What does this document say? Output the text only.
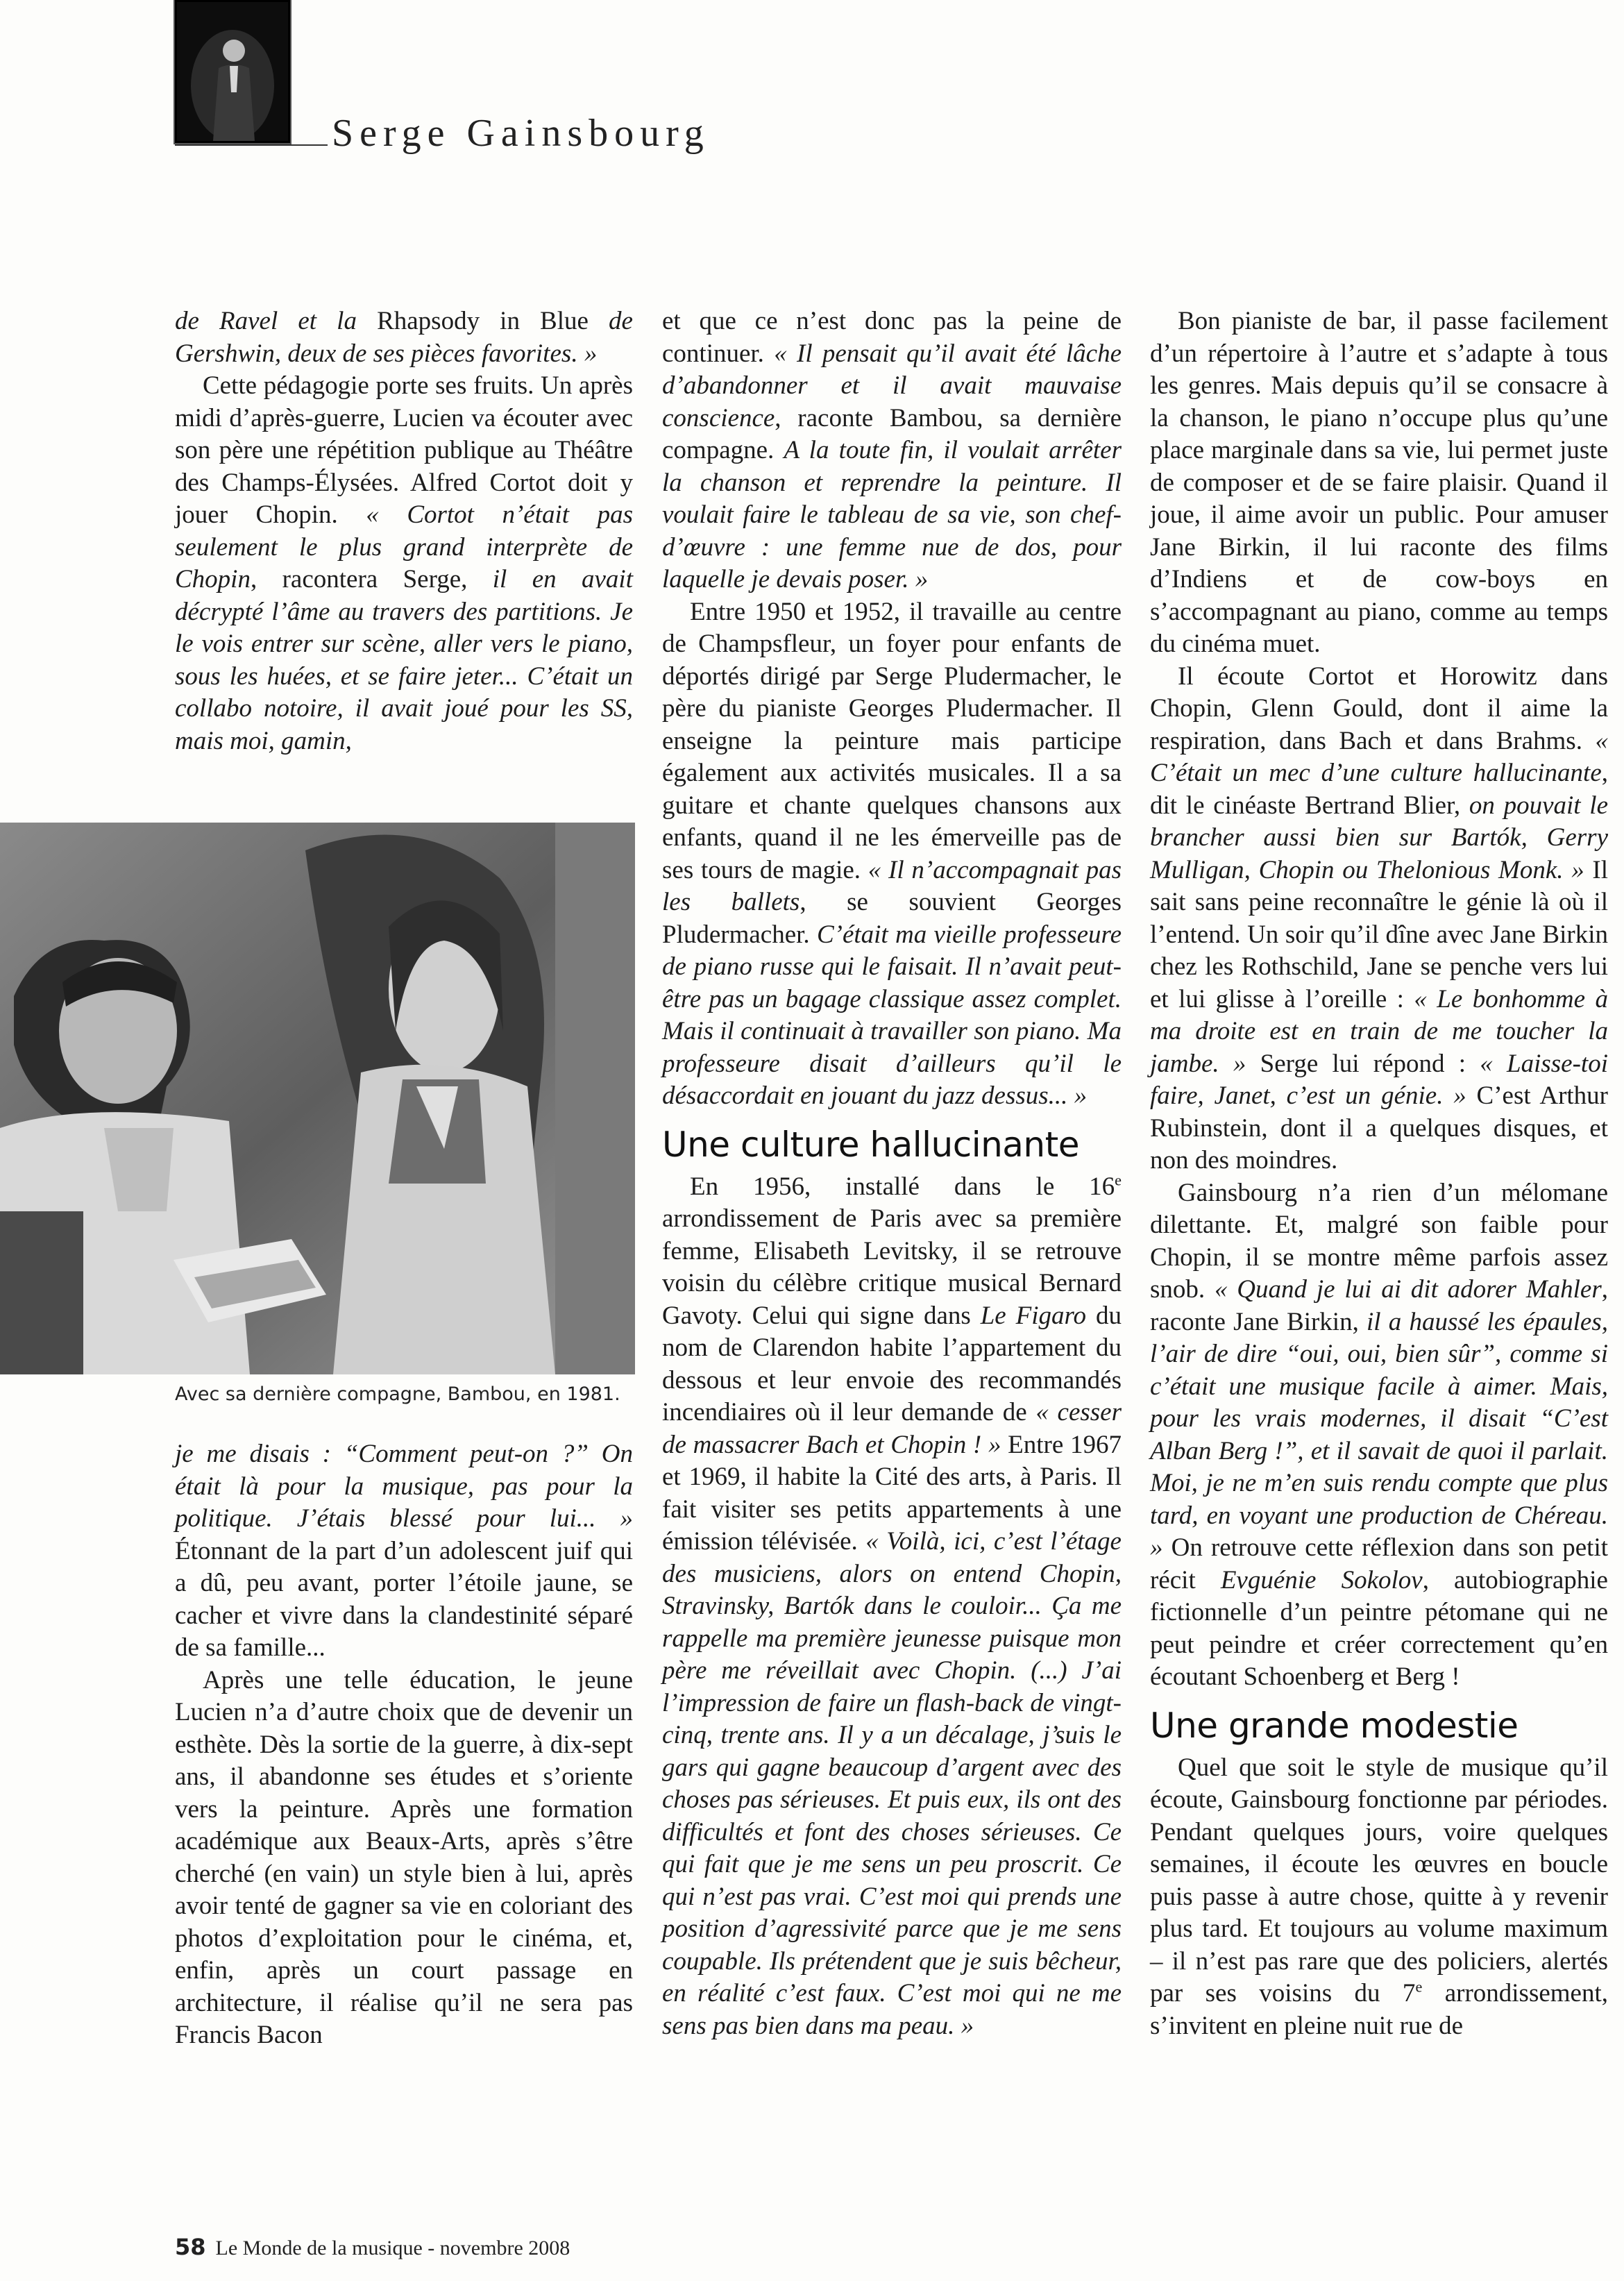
Serge Gainsbourg

de Ravel et la Rhapsody in Blue de Gershwin, deux de ses pièces favorites. »

Cette pédagogie porte ses fruits. Un après midi d’après-guerre, Lucien va écouter avec son père une répétition publique au Théâtre des Champs-Élysées. Alfred Cortot doit y jouer Chopin. « Cortot n’était pas seulement le plus grand interprète de Chopin, racontera Serge, il en avait décrypté l’âme au travers des partitions. Je le vois entrer sur scène, aller vers le piano, sous les huées, et se faire jeter... C’était un collabo notoire, il avait joué pour les SS, mais moi, gamin,

Avec sa dernière compagne, Bambou, en 1981.

je me disais : “Comment peut-on ?” On était là pour la musique, pas pour la politique. J’étais blessé pour lui... » Étonnant de la part d’un adolescent juif qui a dû, peu avant, porter l’étoile jaune, se cacher et vivre dans la clandestinité séparé de sa famille...

Après une telle éducation, le jeune Lucien n’a d’autre choix que de devenir un esthète. Dès la sortie de la guerre, à dix-sept ans, il abandonne ses études et s’oriente vers la peinture. Après une formation académique aux Beaux-Arts, après s’être cherché (en vain) un style bien à lui, après avoir tenté de gagner sa vie en coloriant des photos d’exploitation pour le cinéma, et, enfin, après un court passage en architecture, il réalise qu’il ne sera pas Francis Bacon

et que ce n’est donc pas la peine de continuer. « Il pensait qu’il avait été lâche d’abandonner et il avait mauvaise conscience, raconte Bambou, sa dernière compagne. A la toute fin, il voulait arrêter la chanson et reprendre la peinture. Il voulait faire le tableau de sa vie, son chef-d’œuvre : une femme nue de dos, pour laquelle je devais poser. »

Entre 1950 et 1952, il travaille au centre de Champsfleur, un foyer pour enfants de déportés dirigé par Serge Pludermacher, le père du pianiste Georges Pludermacher. Il enseigne la peinture mais participe également aux activités musicales. Il a sa guitare et chante quelques chansons aux enfants, quand il ne les émerveille pas de ses tours de magie. « Il n’accompagnait pas les ballets, se souvient Georges Pludermacher. C’était ma vieille professeure de piano russe qui le faisait. Il n’avait peut-être pas un bagage classique assez complet. Mais il continuait à travailler son piano. Ma professeure disait d’ailleurs qu’il le désaccordait en jouant du jazz dessus... »

Une culture hallucinante

En 1956, installé dans le 16e arrondissement de Paris avec sa première femme, Elisabeth Levitsky, il se retrouve voisin du célèbre critique musical Bernard Gavoty. Celui qui signe dans Le Figaro du nom de Clarendon habite l’appartement du dessous et leur envoie des recommandés incendiaires où il leur demande de « cesser de massacrer Bach et Chopin ! » Entre 1967 et 1969, il habite la Cité des arts, à Paris. Il fait visiter ses petits appartements à une émission télévisée. « Voilà, ici, c’est l’étage des musiciens, alors on entend Chopin, Stravinsky, Bartók dans le couloir... Ça me rappelle ma première jeunesse puisque mon père me réveillait avec Chopin. (...) J’ai l’impression de faire un flash-back de vingt-cinq, trente ans. Il y a un décalage, j’suis le gars qui gagne beaucoup d’argent avec des choses pas sérieuses. Et puis eux, ils ont des difficultés et font des choses sérieuses. Ce qui fait que je me sens un peu proscrit. Ce qui n’est pas vrai. C’est moi qui prends une position d’agressivité parce que je me sens coupable. Ils prétendent que je suis bêcheur, en réalité c’est faux. C’est moi qui ne me sens pas bien dans ma peau. »

Bon pianiste de bar, il passe facilement d’un répertoire à l’autre et s’adapte à tous les genres. Mais depuis qu’il se consacre à la chanson, le piano n’occupe plus qu’une place marginale dans sa vie, lui permet juste de composer et de se faire plaisir. Quand il joue, il aime avoir un public. Pour amuser Jane Birkin, il lui raconte des films d’Indiens et de cow-boys en s’accompagnant au piano, comme au temps du cinéma muet.

Il écoute Cortot et Horowitz dans Chopin, Glenn Gould, dont il aime la respiration, dans Bach et dans Brahms. « C’était un mec d’une culture hallucinante, dit le cinéaste Bertrand Blier, on pouvait le brancher aussi bien sur Bartók, Gerry Mulligan, Chopin ou Thelonious Monk. » Il sait sans peine reconnaître le génie là où il l’entend. Un soir qu’il dîne avec Jane Birkin chez les Rothschild, Jane se penche vers lui et lui glisse à l’oreille : « Le bonhomme à ma droite est en train de me toucher la jambe. » Serge lui répond : « Laisse-toi faire, Janet, c’est un génie. » C’est Arthur Rubinstein, dont il a quelques disques, et non des moindres.

Gainsbourg n’a rien d’un mélomane dilettante. Et, malgré son faible pour Chopin, il se montre même parfois assez snob. « Quand je lui ai dit adorer Mahler, raconte Jane Birkin, il a haussé les épaules, l’air de dire “oui, oui, bien sûr”, comme si c’était une musique facile à aimer. Mais, pour les vrais modernes, il disait “C’est Alban Berg !”, et il savait de quoi il parlait. Moi, je ne m’en suis rendu compte que plus tard, en voyant une production de Chéreau. » On retrouve cette réflexion dans son petit récit Evguénie Sokolov, autobiographie fictionnelle d’un peintre pétomane qui ne peut peindre et créer correctement qu’en écoutant Schoenberg et Berg !

Une grande modestie

Quel que soit le style de musique qu’il écoute, Gainsbourg fonctionne par périodes. Pendant quelques jours, voire quelques semaines, il écoute les œuvres en boucle puis passe à autre chose, quitte à y revenir plus tard. Et toujours au volume maximum – il n’est pas rare que des policiers, alertés par ses voisins du 7e arrondissement, s’invitent en pleine nuit rue de

58 Le Monde de la musique - novembre 2008
